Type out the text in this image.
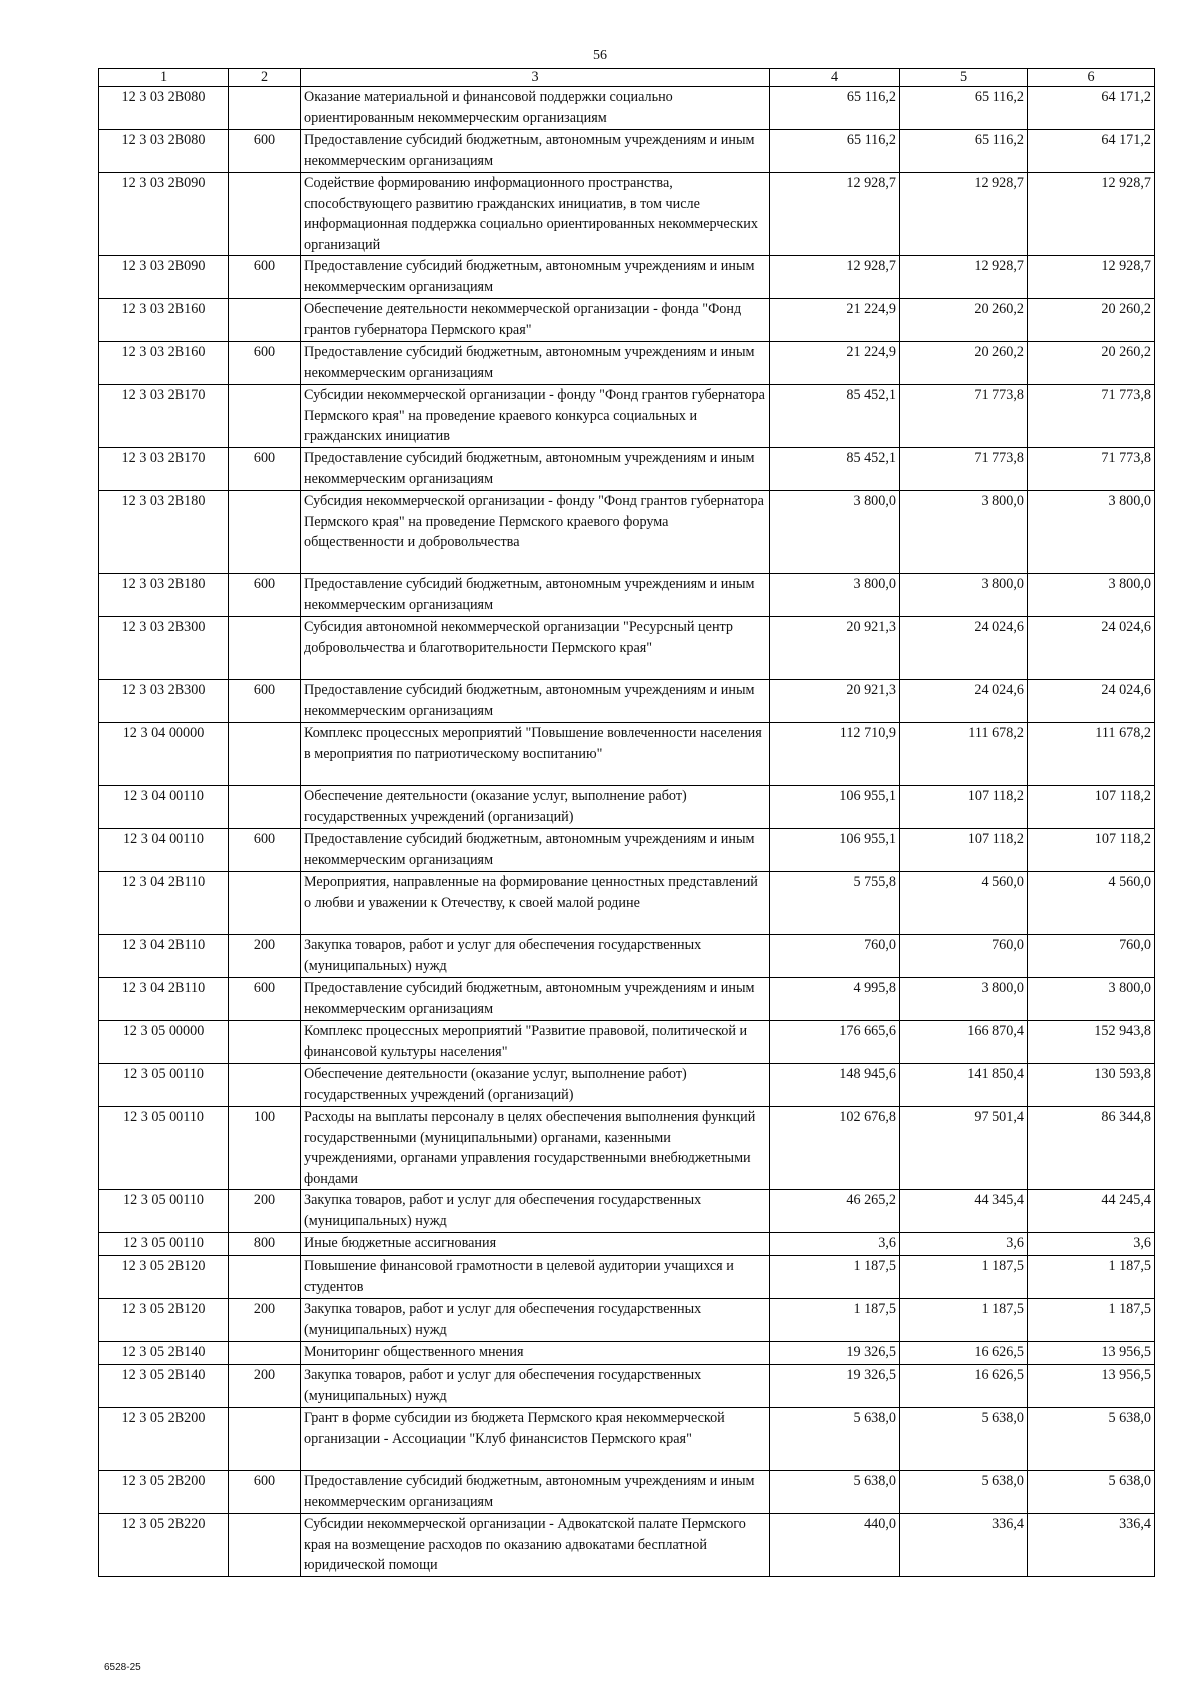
56
1	2	3	4	5	6
12 3 03 2B080		Оказание материальной и финансовой поддержки социально ориентированным некоммерческим организациям	65 116,2	65 116,2	64 171,2
12 3 03 2B080	600	Предоставление субсидий бюджетным, автономным учреждениям и иным некоммерческим организациям	65 116,2	65 116,2	64 171,2
12 3 03 2B090		Содействие формированию информационного пространства, способствующего развитию гражданских инициатив, в том числе информационная поддержка социально ориентированных некоммерческих организаций	12 928,7	12 928,7	12 928,7
12 3 03 2B090	600	Предоставление субсидий бюджетным, автономным учреждениям и иным некоммерческим организациям	12 928,7	12 928,7	12 928,7
12 3 03 2B160		Обеспечение деятельности некоммерческой организации - фонда "Фонд грантов губернатора Пермского края"	21 224,9	20 260,2	20 260,2
12 3 03 2B160	600	Предоставление субсидий бюджетным, автономным учреждениям и иным некоммерческим организациям	21 224,9	20 260,2	20 260,2
12 3 03 2B170		Субсидии некоммерческой организации - фонду "Фонд грантов губернатора Пермского края" на проведение краевого конкурса социальных и гражданских инициатив	85 452,1	71 773,8	71 773,8
12 3 03 2B170	600	Предоставление субсидий бюджетным, автономным учреждениям и иным некоммерческим организациям	85 452,1	71 773,8	71 773,8
12 3 03 2B180		Субсидия некоммерческой организации - фонду "Фонд грантов губернатора Пермского края" на проведение Пермского краевого форума общественности и добровольчества	3 800,0	3 800,0	3 800,0
12 3 03 2B180	600	Предоставление субсидий бюджетным, автономным учреждениям и иным некоммерческим организациям	3 800,0	3 800,0	3 800,0
12 3 03 2B300		Субсидия автономной некоммерческой организации "Ресурсный центр добровольчества и благотворительности Пермского края"	20 921,3	24 024,6	24 024,6
12 3 03 2B300	600	Предоставление субсидий бюджетным, автономным учреждениям и иным некоммерческим организациям	20 921,3	24 024,6	24 024,6
12 3 04 00000		Комплекс процессных мероприятий "Повышение вовлеченности населения в мероприятия по патриотическому воспитанию"	112 710,9	111 678,2	111 678,2
12 3 04 00110		Обеспечение деятельности (оказание услуг, выполнение работ) государственных учреждений (организаций)	106 955,1	107 118,2	107 118,2
12 3 04 00110	600	Предоставление субсидий бюджетным, автономным учреждениям и иным некоммерческим организациям	106 955,1	107 118,2	107 118,2
12 3 04 2B110		Мероприятия, направленные на формирование ценностных представлений о любви и уважении к Отечеству, к своей малой родине	5 755,8	4 560,0	4 560,0
12 3 04 2B110	200	Закупка товаров, работ и услуг для обеспечения государственных (муниципальных) нужд	760,0	760,0	760,0
12 3 04 2B110	600	Предоставление субсидий бюджетным, автономным учреждениям и иным некоммерческим организациям	4 995,8	3 800,0	3 800,0
12 3 05 00000		Комплекс процессных мероприятий "Развитие правовой, политической и финансовой культуры населения"	176 665,6	166 870,4	152 943,8
12 3 05 00110		Обеспечение деятельности (оказание услуг, выполнение работ) государственных учреждений (организаций)	148 945,6	141 850,4	130 593,8
12 3 05 00110	100	Расходы на выплаты персоналу в целях обеспечения выполнения функций государственными (муниципальными) органами, казенными учреждениями, органами управления государственными внебюджетными фондами	102 676,8	97 501,4	86 344,8
12 3 05 00110	200	Закупка товаров, работ и услуг для обеспечения государственных (муниципальных) нужд	46 265,2	44 345,4	44 245,4
12 3 05 00110	800	Иные бюджетные ассигнования	3,6	3,6	3,6
12 3 05 2B120		Повышение финансовой грамотности в целевой аудитории учащихся и студентов	1 187,5	1 187,5	1 187,5
12 3 05 2B120	200	Закупка товаров, работ и услуг для обеспечения государственных (муниципальных) нужд	1 187,5	1 187,5	1 187,5
12 3 05 2B140		Мониторинг общественного мнения	19 326,5	16 626,5	13 956,5
12 3 05 2B140	200	Закупка товаров, работ и услуг для обеспечения государственных (муниципальных) нужд	19 326,5	16 626,5	13 956,5
12 3 05 2B200		Грант в форме субсидии из бюджета Пермского края некоммерческой организации - Ассоциации "Клуб финансистов Пермского края"	5 638,0	5 638,0	5 638,0
12 3 05 2B200	600	Предоставление субсидий бюджетным, автономным учреждениям и иным некоммерческим организациям	5 638,0	5 638,0	5 638,0
12 3 05 2B220		Субсидии некоммерческой организации - Адвокатской палате Пермского края на возмещение расходов по оказанию адвокатами бесплатной юридической помощи	440,0	336,4	336,4
6528-25
